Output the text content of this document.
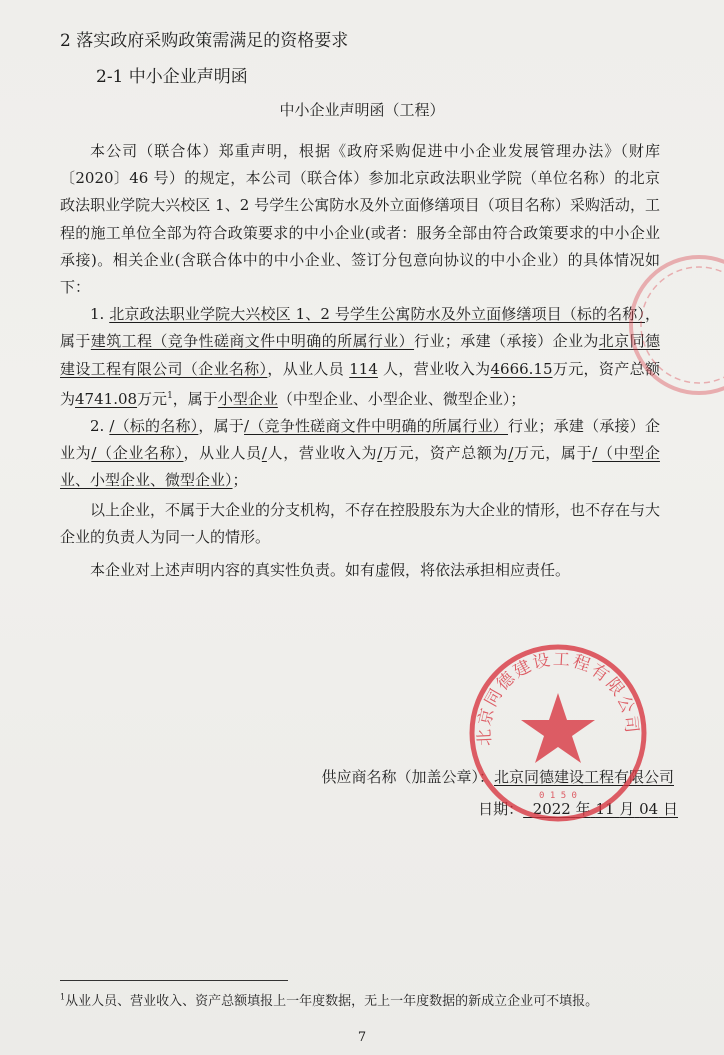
2 落实政府采购政策需满足的资格要求
2-1 中小企业声明函
中小企业声明函（工程）

本公司（联合体）郑重声明，根据《政府采购促进中小企业发展管理办法》（财库〔2020〕46 号）的规定，本公司（联合体）参加北京政法职业学院（单位名称）的北京政法职业学院大兴校区 1、2 号学生公寓防水及外立面修缮项目（项目名称）采购活动，工程的施工单位全部为符合政策要求的中小企业(或者：服务全部由符合政策要求的中小企业承接)。相关企业(含联合体中的中小企业、签订分包意向协议的中小企业）的具体情况如下：

1. 北京政法职业学院大兴校区 1、2 号学生公寓防水及外立面修缮项目（标的名称），属于建筑工程（竞争性磋商文件中明确的所属行业）行业；承建（承接）企业为北京同德建设工程有限公司（企业名称），从业人员 114 人，营业收入为4666.15万元，资产总额为4741.08万元$^1$，属于小型企业（中型企业、小型企业、微型企业）；

2. /（标的名称），属于/（竞争性磋商文件中明确的所属行业）行业；承建（承接）企业为/（企业名称），从业人员/人，营业收入为/万元，资产总额为/万元，属于/（中型企业、小型企业、微型企业）；

以上企业，不属于大企业的分支机构，不存在控股股东为大企业的情形，也不存在与大企业的负责人为同一人的情形。

本企业对上述声明内容的真实性负责。如有虚假，将依法承担相应责任。

供应商名称（加盖公章）：北京同德建设工程有限公司
日期： 2022 年 11 月 04 日
北京同德建设工程有限公司
0 1 5 0
$^1$从业人员、营业收入、资产总额填报上一年度数据，无上一年度数据的新成立企业可不填报。
7
